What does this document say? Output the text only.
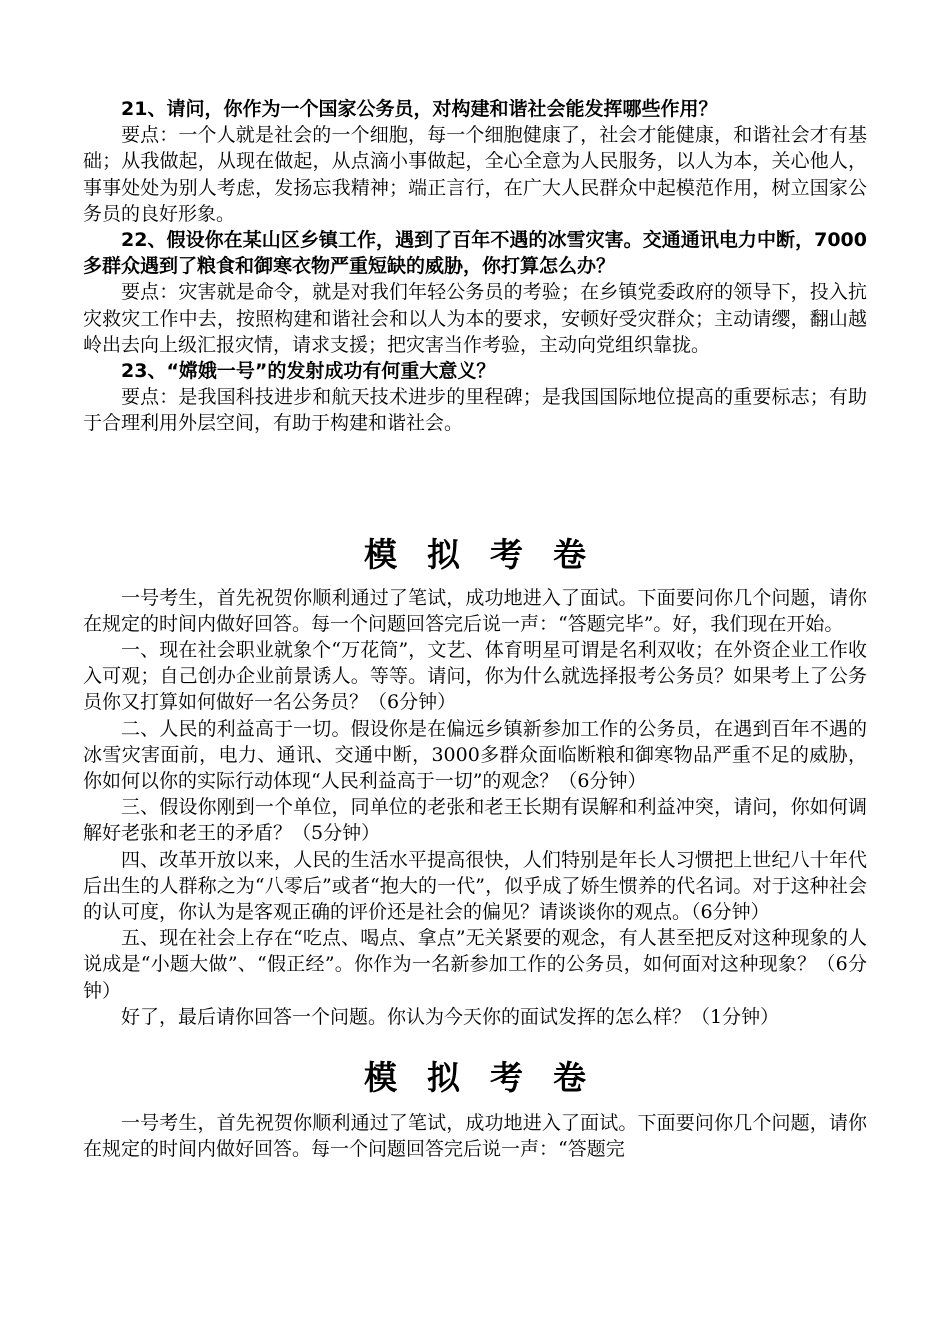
21、请问，你作为一个国家公务员，对构建和谐社会能发挥哪些作用？

要点：一个人就是社会的一个细胞，每一个细胞健康了，社会才能健康，和谐社会才有基础；从我做起，从现在做起，从点滴小事做起，全心全意为人民服务，以人为本，关心他人，事事处处为别人考虑，发扬忘我精神；端正言行，在广大人民群众中起模范作用，树立国家公务员的良好形象。

22、假设你在某山区乡镇工作，遇到了百年不遇的冰雪灾害。交通通讯电力中断，7000多群众遇到了粮食和御寒衣物严重短缺的威胁，你打算怎么办？

要点：灾害就是命令，就是对我们年轻公务员的考验；在乡镇党委政府的领导下，投入抗灾救灾工作中去，按照构建和谐社会和以人为本的要求，安顿好受灾群众；主动请缨，翻山越岭出去向上级汇报灾情，请求支援；把灾害当作考验，主动向党组织靠拢。

23、“嫦娥一号”的发射成功有何重大意义？

要点：是我国科技进步和航天技术进步的里程碑；是我国国际地位提高的重要标志；有助于合理利用外层空间，有助于构建和谐社会。

模拟考卷

一号考生，首先祝贺你顺利通过了笔试，成功地进入了面试。下面要问你几个问题，请你在规定的时间内做好回答。每一个问题回答完后说一声：“答题完毕”。好，我们现在开始。

一、现在社会职业就象个“万花筒”，文艺、体育明星可谓是名利双收；在外资企业工作收入可观；自己创办企业前景诱人。等等。请问，你为什么就选择报考公务员？如果考上了公务员你又打算如何做好一名公务员？（6分钟）

二、人民的利益高于一切。假设你是在偏远乡镇新参加工作的公务员，在遇到百年不遇的冰雪灾害面前，电力、通讯、交通中断，3000多群众面临断粮和御寒物品严重不足的威胁，你如何以你的实际行动体现“人民利益高于一切”的观念？（6分钟）

三、假设你刚到一个单位，同单位的老张和老王长期有误解和利益冲突，请问，你如何调解好老张和老王的矛盾？（5分钟）

四、改革开放以来，人民的生活水平提高很快，人们特别是年长人习惯把上世纪八十年代后出生的人群称之为“八零后”或者“抱大的一代”，似乎成了娇生惯养的代名词。对于这种社会的认可度，你认为是客观正确的评价还是社会的偏见？请谈谈你的观点。（6分钟）

五、现在社会上存在“吃点、喝点、拿点”无关紧要的观念，有人甚至把反对这种现象的人说成是“小题大做”、“假正经”。你作为一名新参加工作的公务员，如何面对这种现象？（6分钟）

好了，最后请你回答一个问题。你认为今天你的面试发挥的怎么样？（1分钟）

模拟考卷

一号考生，首先祝贺你顺利通过了笔试，成功地进入了面试。下面要问你几个问题，请你在规定的时间内做好回答。每一个问题回答完后说一声：“答题完
